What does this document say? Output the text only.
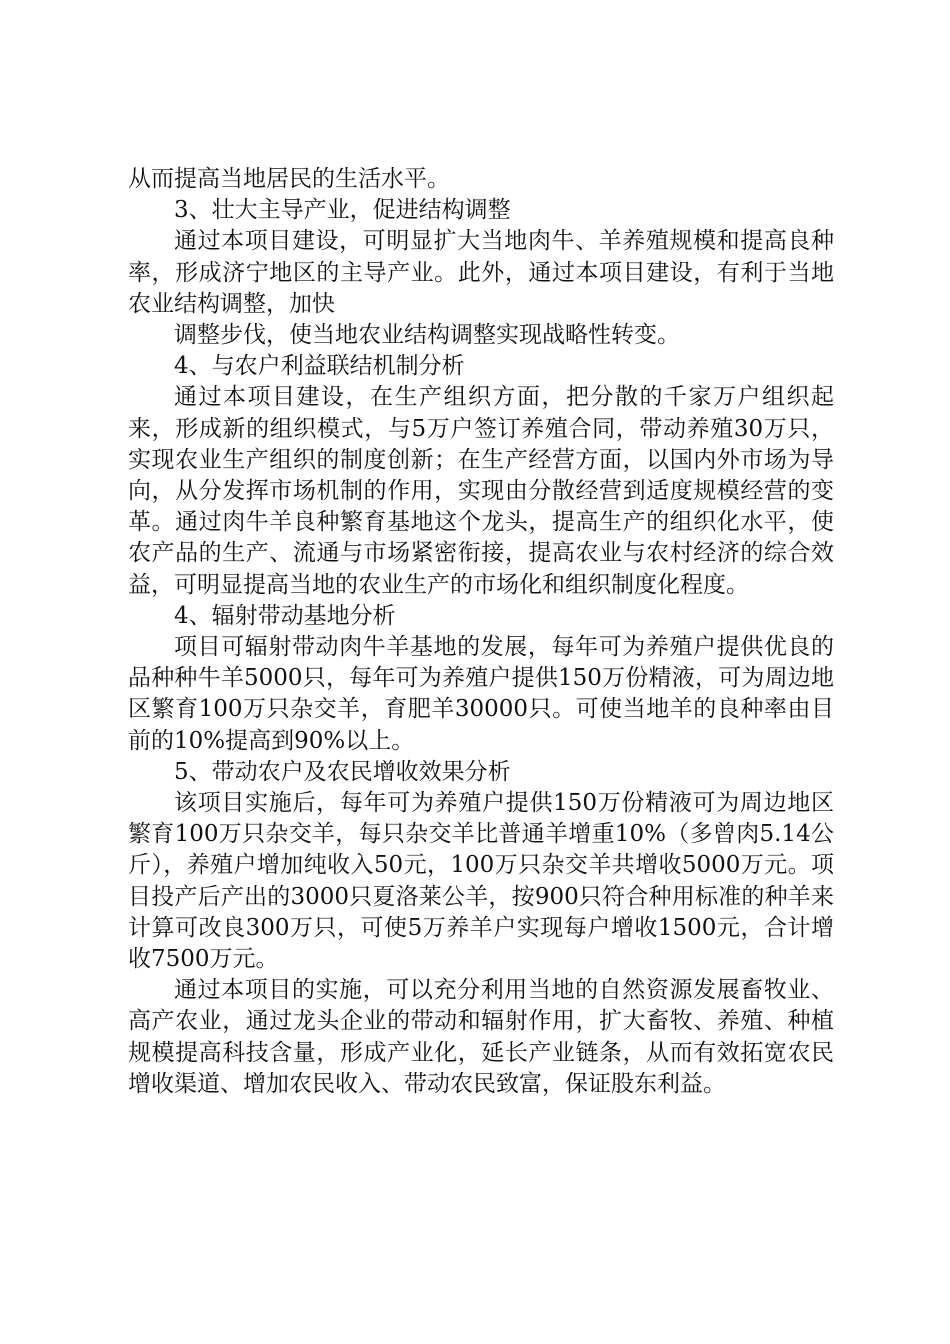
从而提高当地居民的生活水平。

3、壮大主导产业，促进结构调整

通过本项目建设，可明显扩大当地肉牛、羊养殖规模和提高良种率，形成济宁地区的主导产业。此外，通过本项目建设，有利于当地农业结构调整，加快

调整步伐，使当地农业结构调整实现战略性转变。

4、与农户利益联结机制分析

通过本项目建设，在生产组织方面，把分散的千家万户组织起来，形成新的组织模式，与5万户签订养殖合同，带动养殖30万只，实现农业生产组织的制度创新；在生产经营方面，以国内外市场为导向，从分发挥市场机制的作用，实现由分散经营到适度规模经营的变革。通过肉牛羊良种繁育基地这个龙头，提高生产的组织化水平，使农产品的生产、流通与市场紧密衔接，提高农业与农村经济的综合效益，可明显提高当地的农业生产的市场化和组织制度化程度。

4、辐射带动基地分析

项目可辐射带动肉牛羊基地的发展，每年可为养殖户提供优良的品种种牛羊5000只，每年可为养殖户提供150万份精液，可为周边地区繁育100万只杂交羊，育肥羊30000只。可使当地羊的良种率由目前的10%提高到90%以上。

5、带动农户及农民增收效果分析

该项目实施后，每年可为养殖户提供150万份精液可为周边地区繁育100万只杂交羊，每只杂交羊比普通羊增重10%（多曾肉5.14公斤），养殖户增加纯收入50元，100万只杂交羊共增收5000万元。项目投产后产出的3000只夏洛莱公羊，按900只符合种用标准的种羊来计算可改良300万只，可使5万养羊户实现每户增收1500元，合计增收7500万元。

通过本项目的实施，可以充分利用当地的自然资源发展畜牧业、高产农业，通过龙头企业的带动和辐射作用，扩大畜牧、养殖、种植规模提高科技含量，形成产业化，延长产业链条，从而有效拓宽农民增收渠道、增加农民收入、带动农民致富，保证股东利益。
